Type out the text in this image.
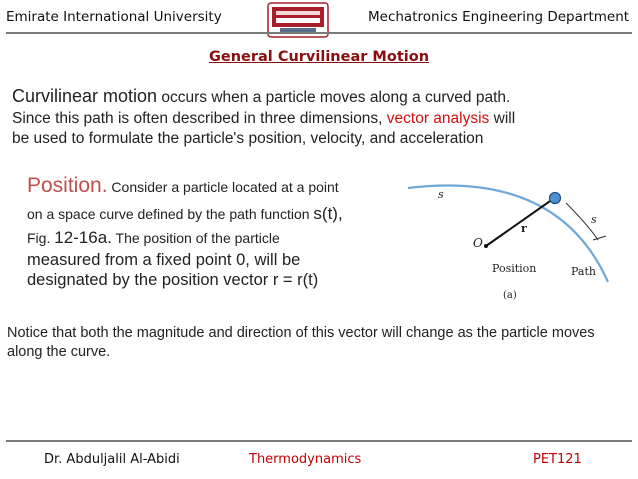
Emirate International University	Mechatronics Engineering Department
General Curvilinear Motion
Curvilinear motion occurs when a particle moves along a curved path.
Since this path is often described in three dimensions, vector analysis will
be used to formulate the particle's position, velocity, and acceleration
Position. Consider a particle located at a point
on a space curve defined by the path function s(t),
Fig. 12-16a. The position of the particle
measured from a fixed point 0, will be
designated by the position vector r = r(t)
s
s
O
r
Position	Path
(a)
Notice that both the magnitude and direction of this vector will change as the particle moves along the curve.
Dr. Abduljalil Al-Abidi	Thermodynamics	PET121
